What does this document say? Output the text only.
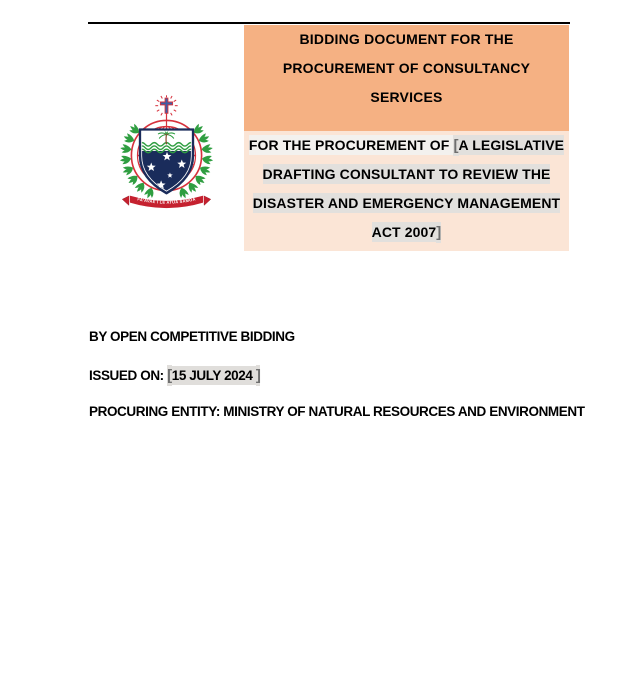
FA'AVAE I LE ATUA SAMOA
BIDDING DOCUMENT FOR THE
PROCUREMENT OF CONSULTANCY
SERVICES
FOR THE PROCUREMENT OF [A LEGISLATIVE
DRAFTING CONSULTANT TO REVIEW THE
DISASTER AND EMERGENCY MANAGEMENT
ACT 2007]
BY OPEN COMPETITIVE BIDDING
ISSUED ON: [15 JULY 2024 ]
PROCURING ENTITY: MINISTRY OF NATURAL RESOURCES AND ENVIRONMENT
